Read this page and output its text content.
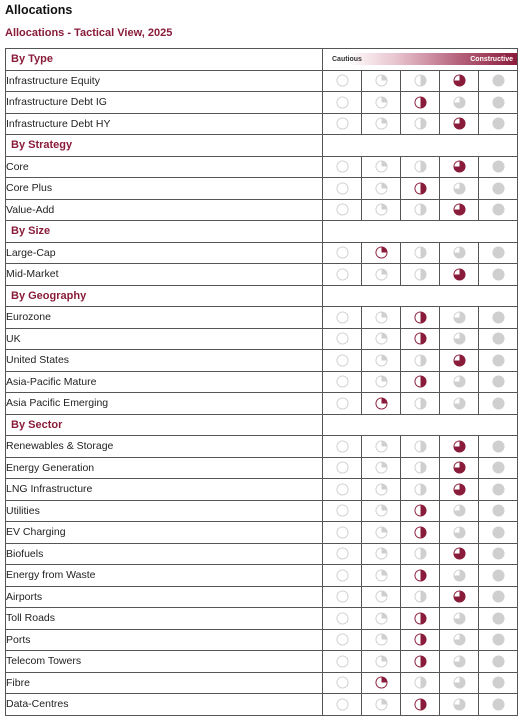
Allocations
Allocations - Tactical View, 2025
By Type	Cautious Constructive				

Infrastructure Equity	

Infrastructure Debt IG	

Infrastructure Debt HY	

By Strategy					
Core	

Core Plus	

Value-Add	

By Size					
Large-Cap	

Mid-Market	

By Geography					
Eurozone	

UK	

United States	

Asia-Pacific Mature	

Asia Pacific Emerging	

By Sector					
Renewables & Storage	

Energy Generation	

LNG Infrastructure	

Utilities	

EV Charging	

Biofuels	

Energy from Waste	

Airports	

Toll Roads	

Ports	

Telecom Towers	

Fibre	

Data-Centres	
